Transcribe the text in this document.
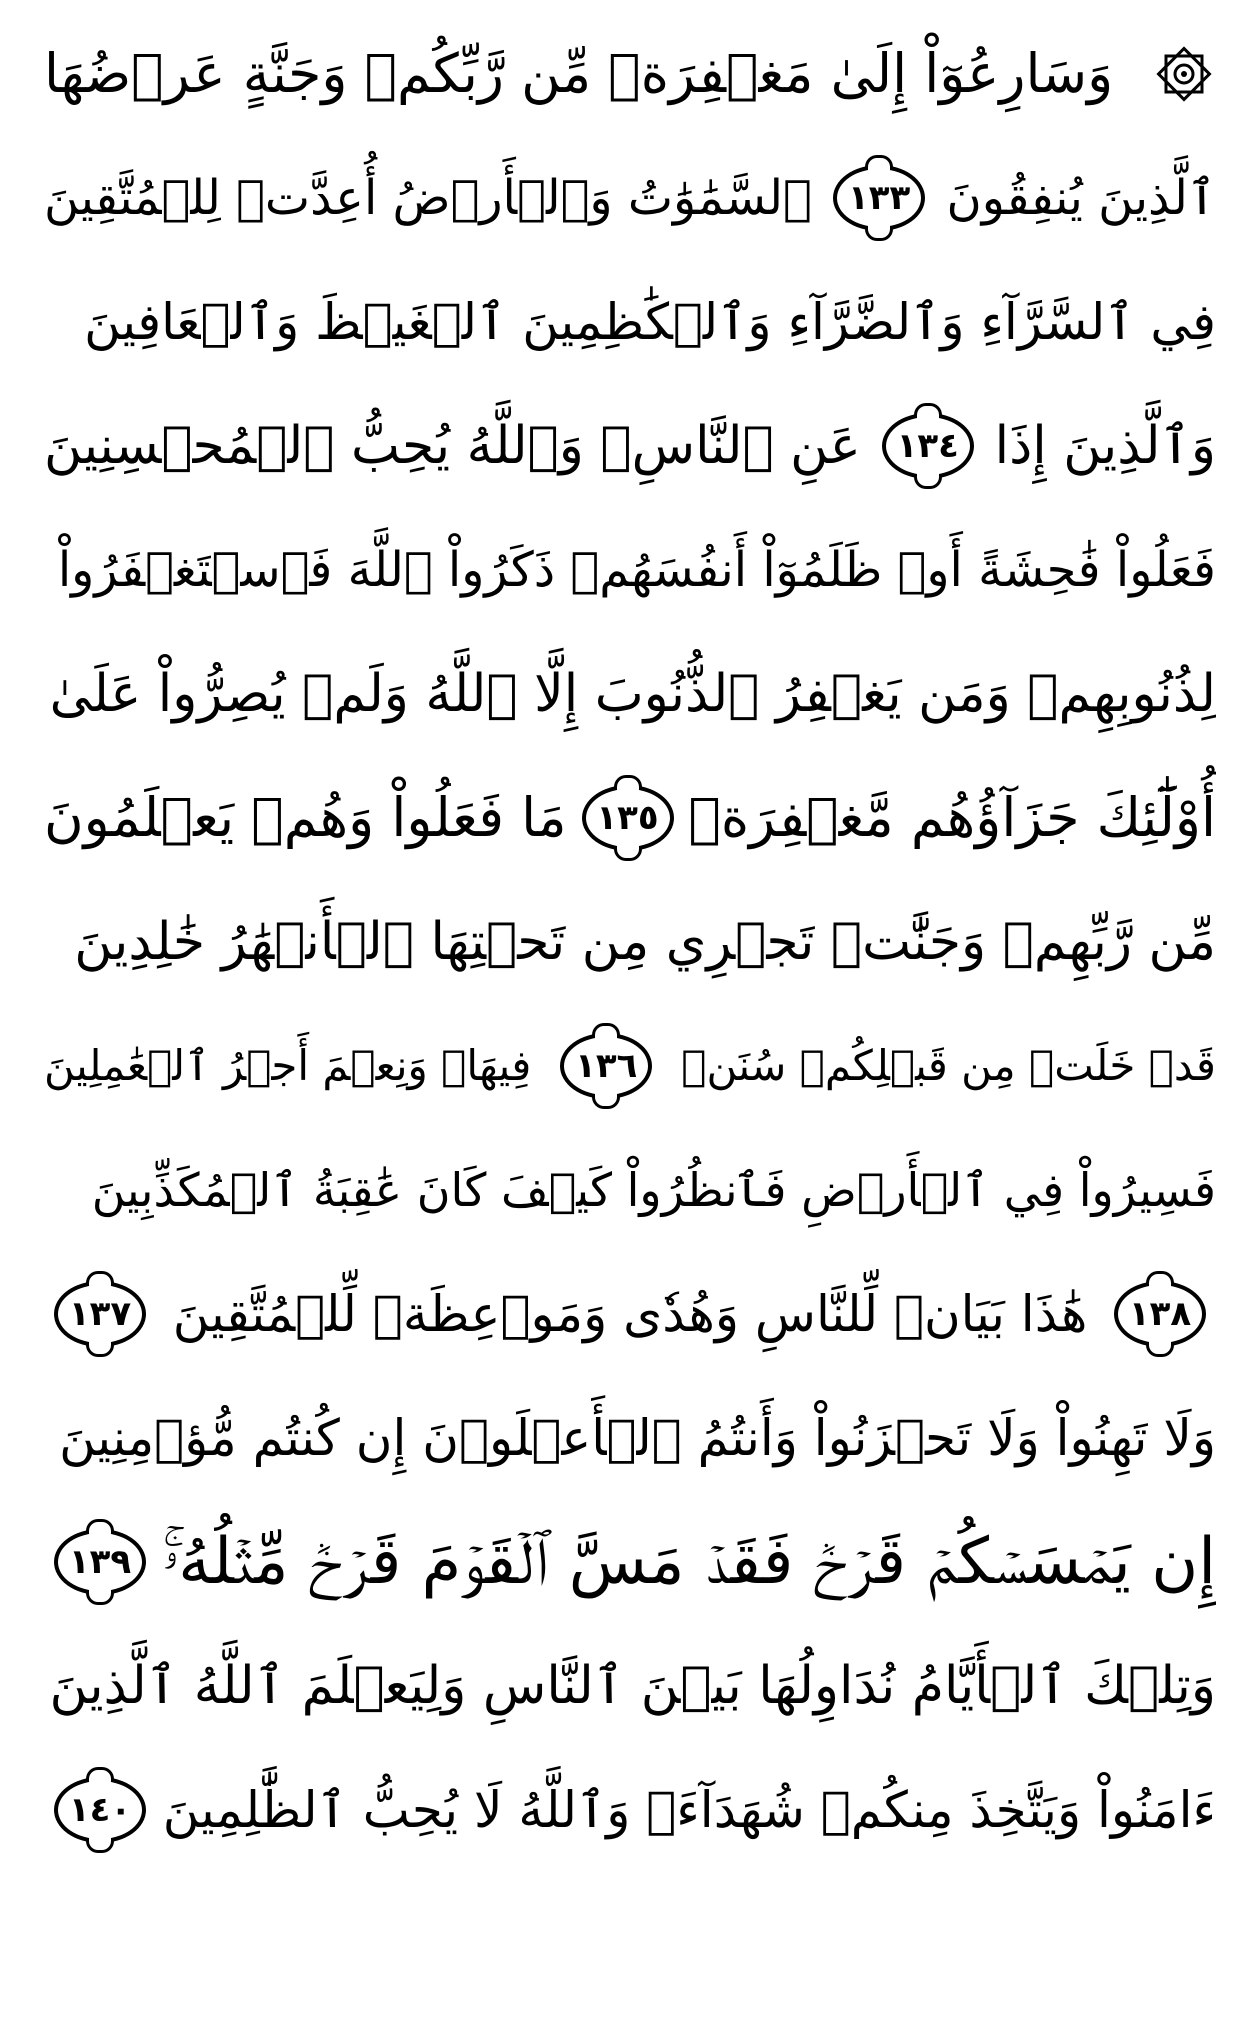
وَسَارِعُوٓاْ إِلَىٰ مَغۡفِرَةٖ مِّن رَّبِّكُمۡ وَجَنَّةٍ عَرۡضُهَا
ٱلَّذِينَ يُنفِقُونَ
١٣٣
ٱلسَّمَٰوَٰتُ وَٱلۡأَرۡضُ أُعِدَّتۡ لِلۡمُتَّقِينَ
فِي ٱلسَّرَّآءِ وَٱلضَّرَّآءِ وَٱلۡكَٰظِمِينَ ٱلۡغَيۡظَ وَٱلۡعَافِينَ
وَٱلَّذِينَ إِذَا
١٣٤
عَنِ ٱلنَّاسِۗ وَٱللَّهُ يُحِبُّ ٱلۡمُحۡسِنِينَ
فَعَلُواْ فَٰحِشَةً أَوۡ ظَلَمُوٓاْ أَنفُسَهُمۡ ذَكَرُواْ ٱللَّهَ فَٱسۡتَغۡفَرُواْ
لِذُنُوبِهِمۡ وَمَن يَغۡفِرُ ٱلذُّنُوبَ إِلَّا ٱللَّهُ وَلَمۡ يُصِرُّواْ عَلَىٰ
أُوْلَٰٓئِكَ جَزَآؤُهُم مَّغۡفِرَةٞ
١٣٥
مَا فَعَلُواْ وَهُمۡ يَعۡلَمُونَ
مِّن رَّبِّهِمۡ وَجَنَّٰتٞ تَجۡرِي مِن تَحۡتِهَا ٱلۡأَنۡهَٰرُ خَٰلِدِينَ
قَدۡ خَلَتۡ مِن قَبۡلِكُمۡ سُنَنٞ
١٣٦
فِيهَاۚ وَنِعۡمَ أَجۡرُ ٱلۡعَٰمِلِينَ
فَسِيرُواْ فِي ٱلۡأَرۡضِ فَٱنظُرُواْ كَيۡفَ كَانَ عَٰقِبَةُ ٱلۡمُكَذِّبِينَ
١٣٨
هَٰذَا بَيَانٞ لِّلنَّاسِ وَهُدٗى وَمَوۡعِظَةٞ لِّلۡمُتَّقِينَ
١٣٧
وَلَا تَهِنُواْ وَلَا تَحۡزَنُواْ وَأَنتُمُ ٱلۡأَعۡلَوۡنَ إِن كُنتُم مُّؤۡمِنِينَ
إِن يَمۡسَسۡكُمۡ قَرۡحٞ فَقَدۡ مَسَّ ٱلۡقَوۡمَ قَرۡحٞ مِّثۡلُهُۥۚ
١٣٩
وَتِلۡكَ ٱلۡأَيَّامُ نُدَاوِلُهَا بَيۡنَ ٱلنَّاسِ وَلِيَعۡلَمَ ٱللَّهُ ٱلَّذِينَ
ءَامَنُواْ وَيَتَّخِذَ مِنكُمۡ شُهَدَآءَۗ وَٱللَّهُ لَا يُحِبُّ ٱلظَّٰلِمِينَ
١٤٠
